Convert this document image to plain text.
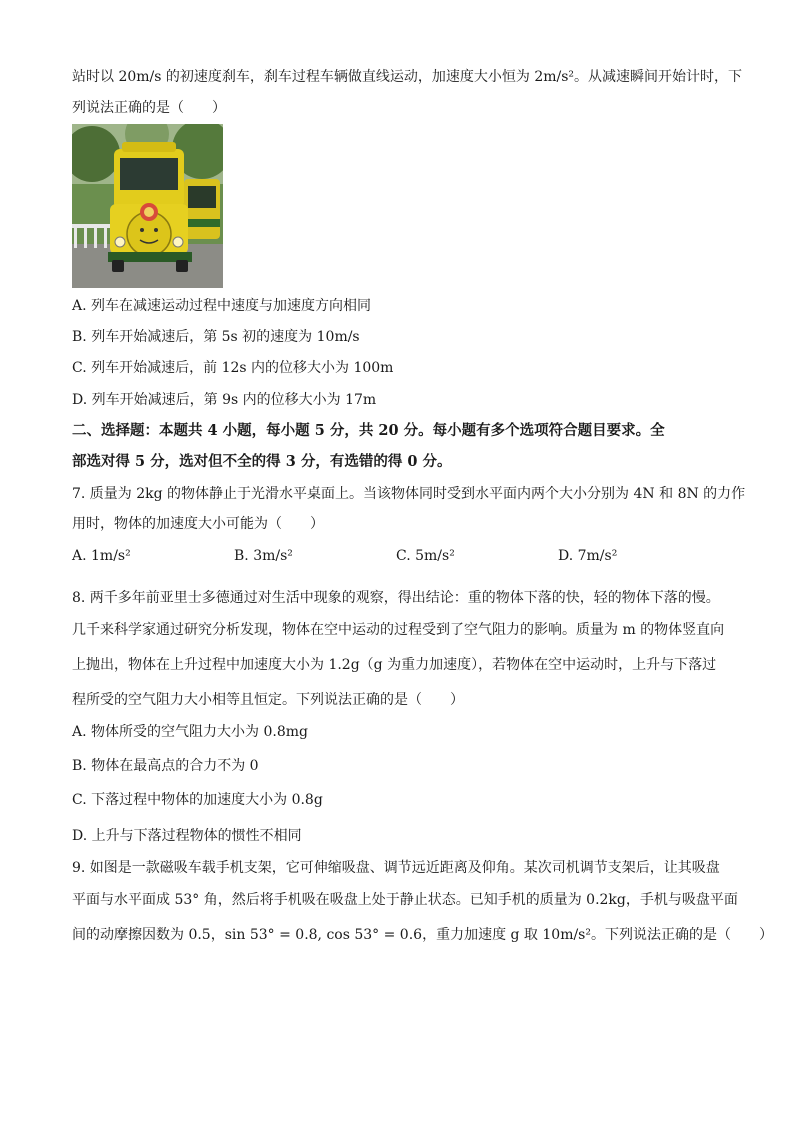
站时以 20m/s 的初速度刹车，刹车过程车辆做直线运动，加速度大小恒为 2m/s²。从减速瞬间开始计时，下
列说法正确的是（　　）
A. 列车在减速运动过程中速度与加速度方向相同
B. 列车开始减速后，第 5s 初的速度为 10m/s
C. 列车开始减速后，前 12s 内的位移大小为 100m
D. 列车开始减速后，第 9s 内的位移大小为 17m
二、选择题：本题共 4 小题，每小题 5 分，共 20 分。每小题有多个选项符合题目要求。全
部选对得 5 分，选对但不全的得 3 分，有选错的得 0 分。
7. 质量为 2kg 的物体静止于光滑水平桌面上。当该物体同时受到水平面内两个大小分别为 4N 和 8N 的力作
用时，物体的加速度大小可能为（　　）
A. 1m/s²	B. 3m/s²	C. 5m/s²	D. 7m/s²
8. 两千多年前亚里士多德通过对生活中现象的观察，得出结论：重的物体下落的快，轻的物体下落的慢。
几千来科学家通过研究分析发现，物体在空中运动的过程受到了空气阻力的影响。质量为 m 的物体竖直向
上抛出，物体在上升过程中加速度大小为 1.2g（g 为重力加速度），若物体在空中运动时，上升与下落过
程所受的空气阻力大小相等且恒定。下列说法正确的是（　　）
A. 物体所受的空气阻力大小为 0.8mg
B. 物体在最高点的合力不为 0
C. 下落过程中物体的加速度大小为 0.8g
D. 上升与下落过程物体的惯性不相同
9. 如图是一款磁吸车载手机支架，它可伸缩吸盘、调节远近距离及仰角。某次司机调节支架后，让其吸盘
平面与水平面成 53° 角，然后将手机吸在吸盘上处于静止状态。已知手机的质量为 0.2kg，手机与吸盘平面
间的动摩擦因数为 0.5，sin 53° = 0.8, cos 53° = 0.6，重力加速度 g 取 10m/s²。下列说法正确的是（　　）
